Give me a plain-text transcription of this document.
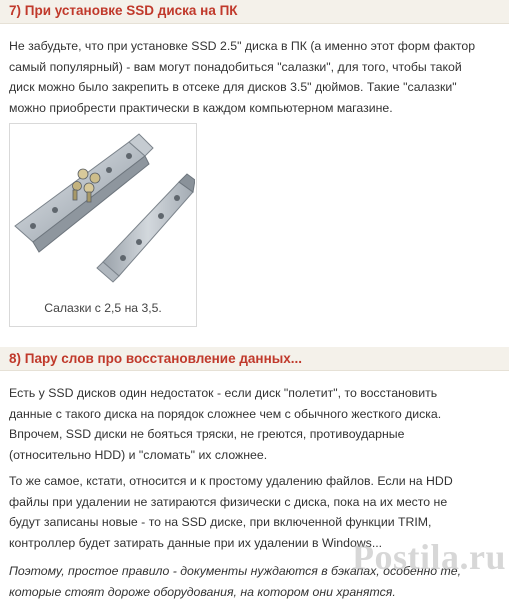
7) При установке SSD диска на ПК
Не забудьте, что при установке SSD 2.5" диска в ПК (а именно этот форм фактор
самый популярный) - вам могут понадобиться "салазки", для того, чтобы такой
диск можно было закрепить в отсеке для дисков 3.5" дюймов. Такие "салазки"
можно приобрести практически в каждом компьютерном магазине.
Салазки с 2,5 на 3,5.
8) Пару слов про восстановление данных...
Есть у SSD дисков один недостаток - если диск "полетит", то восстановить
данные с такого диска на порядок сложнее чем с обычного жесткого диска.
Впрочем, SSD диски не бояться тряски, не греются, противоударные
(относительно HDD) и "сломать" их сложнее.
То же самое, кстати, относится и к простому удалению файлов. Если на HDD
файлы при удалении не затираются физически с диска, пока на их место не
будут записаны новые - то на SSD диске, при включенной функции TRIM,
контроллер будет затирать данные при их удалении в Windows...
Поэтому, простое правило - документы нуждаются в бэкапах, особенно те,
которые стоят дороже оборудования, на котором они хранятся.
Postila.ru
